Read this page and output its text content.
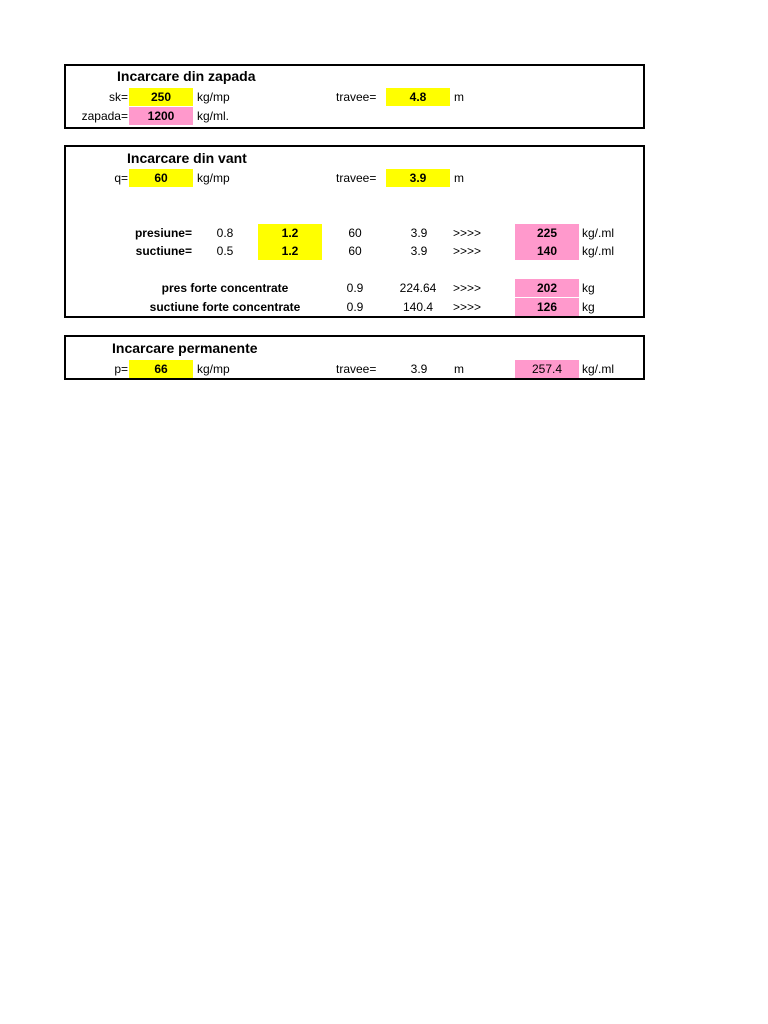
Incarcare din zapada
sk=	250	kg/mp	travee=	4.8	m
zapada=	1200	kg/ml.
Incarcare din vant
q=	60	kg/mp	travee=	3.9	m
presiune=	0.8	1.2	60	3.9	>>>>	225	kg/.ml
suctiune=	0.5	1.2	60	3.9	>>>>	140	kg/.ml
pres forte concentrate	0.9	224.64	>>>>	202	kg
suctiune forte concentrate	0.9	140.4	>>>>	126	kg
Incarcare permanente
p=	66	kg/mp	travee=	3.9	m	257.4	kg/.ml
